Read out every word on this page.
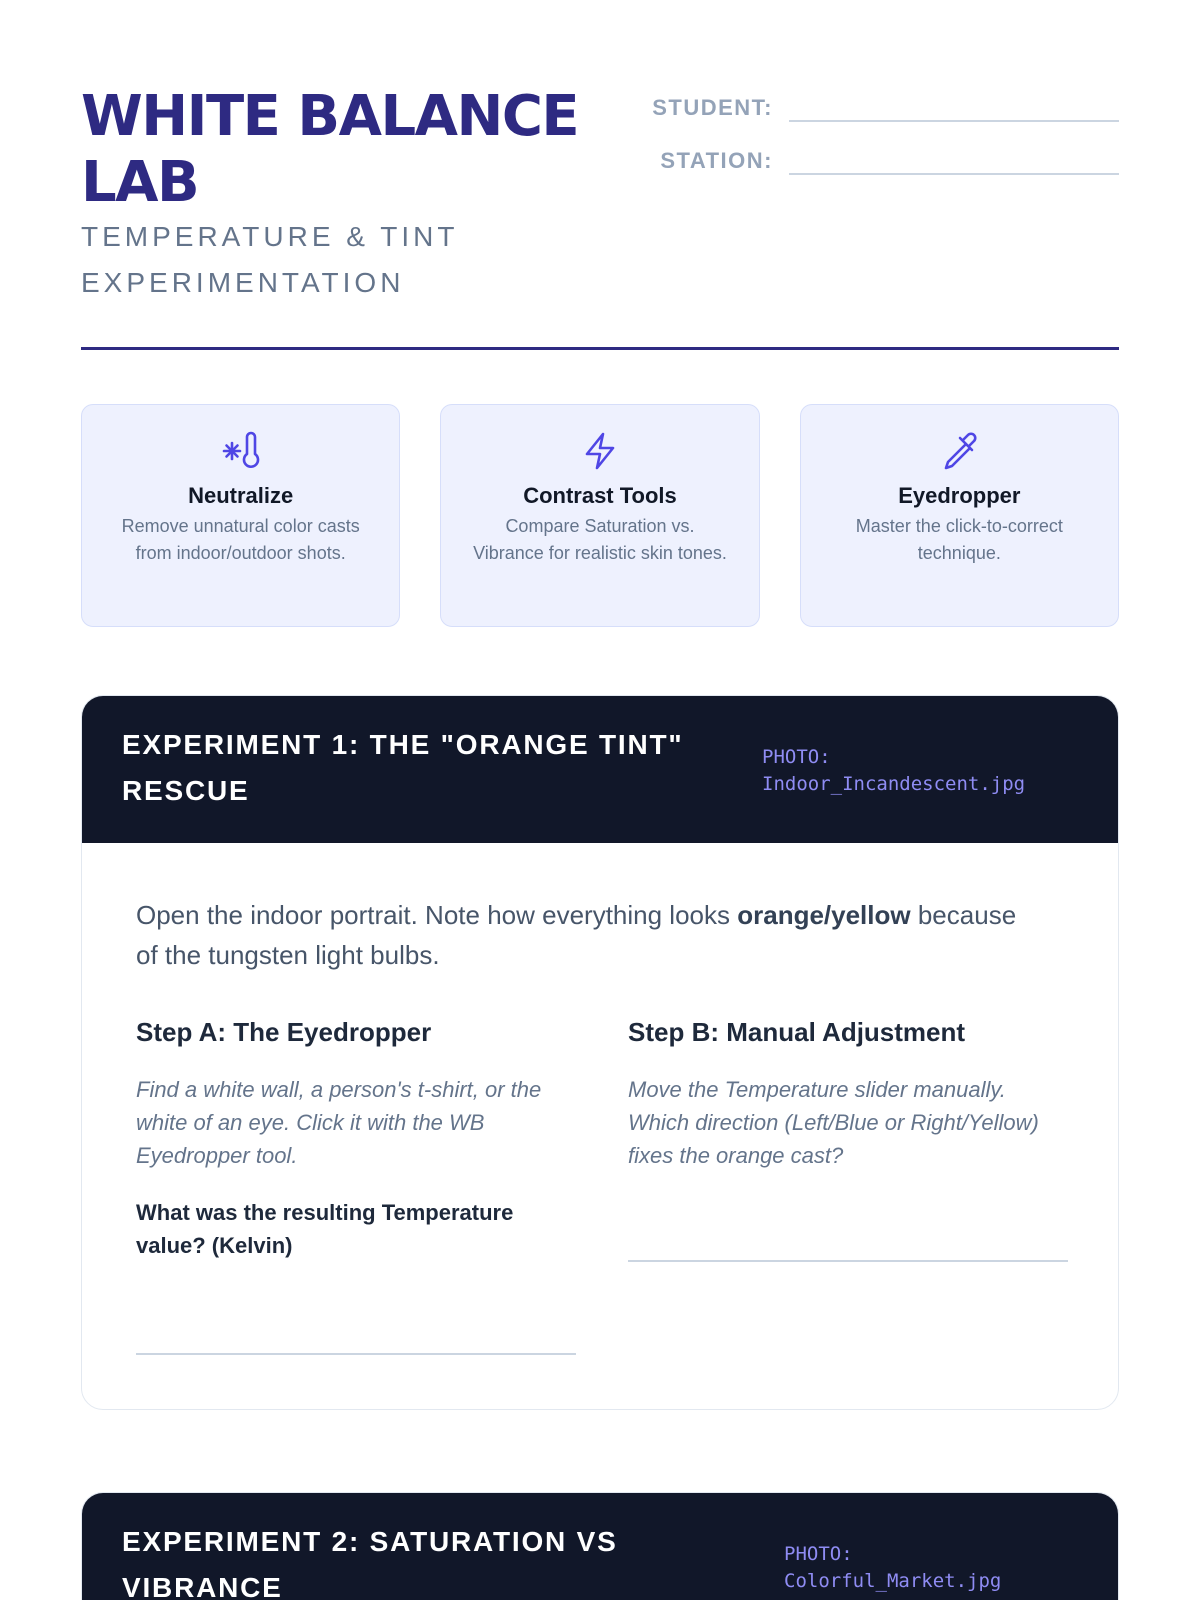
WHITE BALANCE LAB
TEMPERATURE & TINT EXPERIMENTATION
STUDENT:
STATION:
Neutralize
Remove unnatural color casts from indoor/outdoor shots.
Contrast Tools
Compare Saturation vs. Vibrance for realistic skin tones.
Eyedropper
Master the click-to-correct technique.
EXPERIMENT 1: THE "ORANGE TINT" RESCUE
PHOTO:
Indoor_Incandescent.jpg

Open the indoor portrait. Note how everything looks orange/yellow because of the tungsten light bulbs.

Step A: The Eyedropper
Find a white wall, a person's t-shirt, or the white of an eye. Click it with the WB Eyedropper tool.
What was the resulting Temperature value? (Kelvin)
Step B: Manual Adjustment
Move the Temperature slider manually. Which direction (Left/Blue or Right/Yellow) fixes the orange cast?
EXPERIMENT 2: SATURATION VS VIBRANCE
PHOTO:
Colorful_Market.jpg
